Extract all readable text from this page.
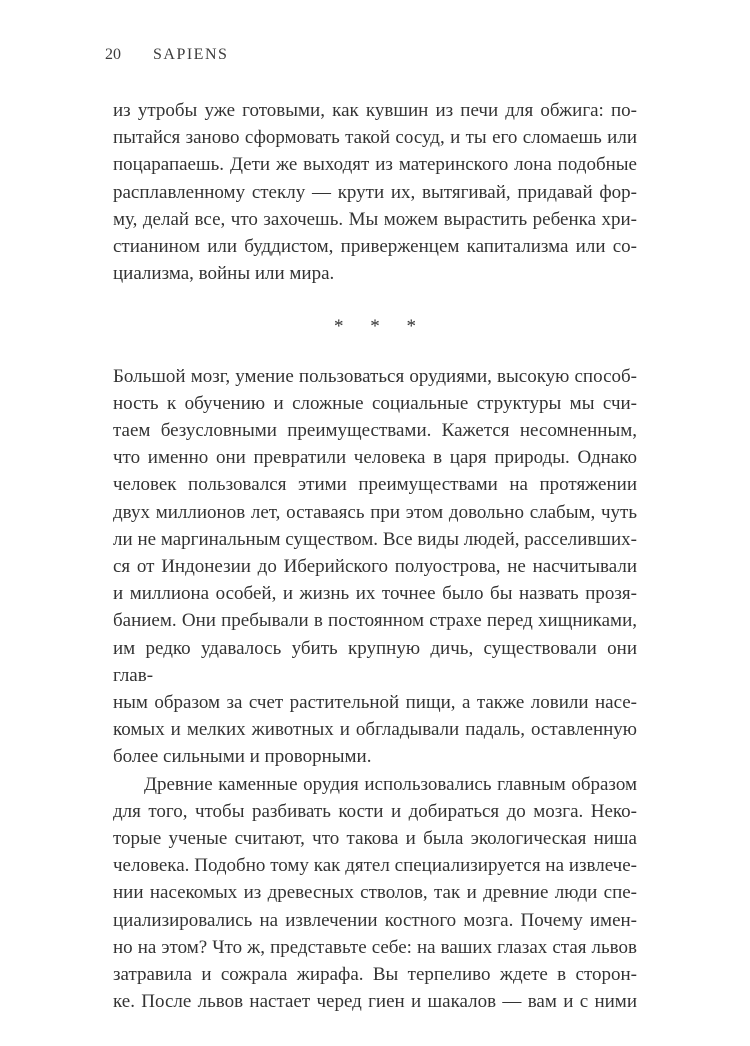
20 SAPIENS
из утробы уже готовыми, как кувшин из печи для обжига: по-
пытайся заново сформовать такой сосуд, и ты его сломаешь или
поцарапаешь. Дети же выходят из материнского лона подобные
расплавленному стеклу — крути их, вытягивай, придавай фор-
му, делай все, что захочешь. Мы можем вырастить ребенка хри-
стианином или буддистом, приверженцем капитализма или со-
циализма, войны или мира.
* * *
Большой мозг, умение пользоваться орудиями, высокую способ-
ность к обучению и сложные социальные структуры мы счи-
таем безусловными преимуществами. Кажется несомненным,
что именно они превратили человека в царя природы. Однако
человек пользовался этими преимуществами на протяжении
двух миллионов лет, оставаясь при этом довольно слабым, чуть
ли не маргинальным существом. Все виды людей, расселивших-
ся от Индонезии до Иберийского полуострова, не насчитывали
и миллиона особей, и жизнь их точнее было бы назвать прозя-
банием. Они пребывали в постоянном страхе перед хищниками,
им редко удавалось убить крупную дичь, существовали они глав-
ным образом за счет растительной пищи, а также ловили насе-
комых и мелких животных и обгладывали падаль, оставленную
более сильными и проворными.
Древние каменные орудия использовались главным образом
для того, чтобы разбивать кости и добираться до мозга. Неко-
торые ученые считают, что такова и была экологическая ниша
человека. Подобно тому как дятел специализируется на извлече-
нии насекомых из древесных стволов, так и древние люди спе-
циализировались на извлечении костного мозга. Почему имен-
но на этом? Что ж, представьте себе: на ваших глазах стая львов
затравила и сожрала жирафа. Вы терпеливо ждете в сторон-
ке. После львов настает черед гиен и шакалов — вам и с ними
